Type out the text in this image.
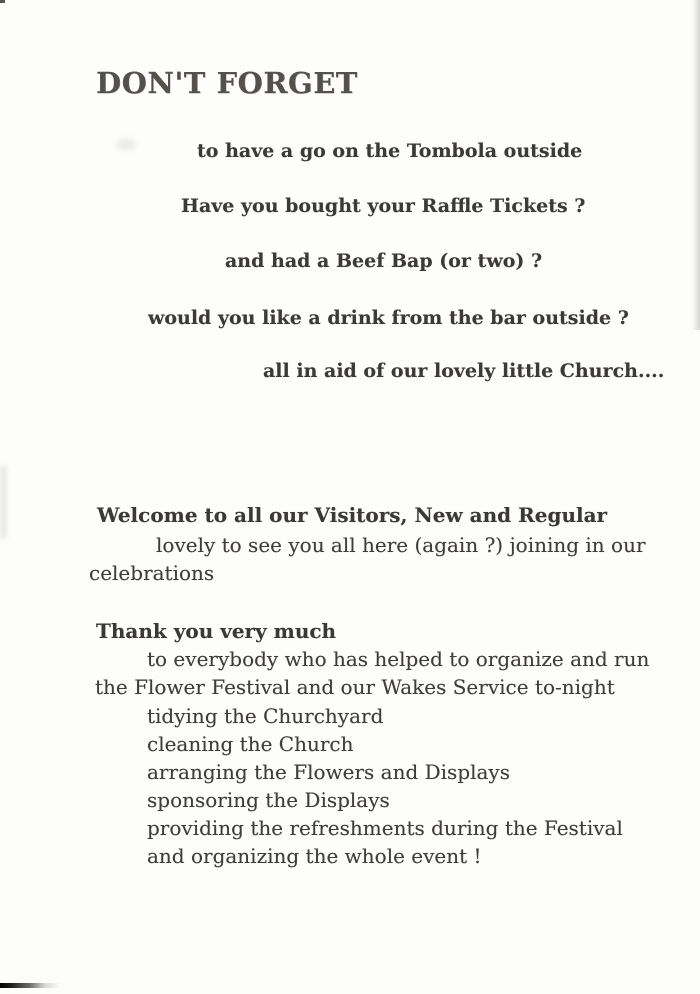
DON'T FORGET
to have a go on the Tombola outside
Have you bought your Raffle Tickets ?
and had a Beef Bap (or two) ?
would you like a drink from the bar outside ?
all in aid of our lovely little Church....
Welcome to all our Visitors, New and Regular
lovely to see you all here (again ?) joining in our
celebrations
Thank you very much
to everybody who has helped to organize and run
the Flower Festival and our Wakes Service to-night
tidying the Churchyard
cleaning the Church
arranging the Flowers and Displays
sponsoring the Displays
providing the refreshments during the Festival
and organizing the whole event !
